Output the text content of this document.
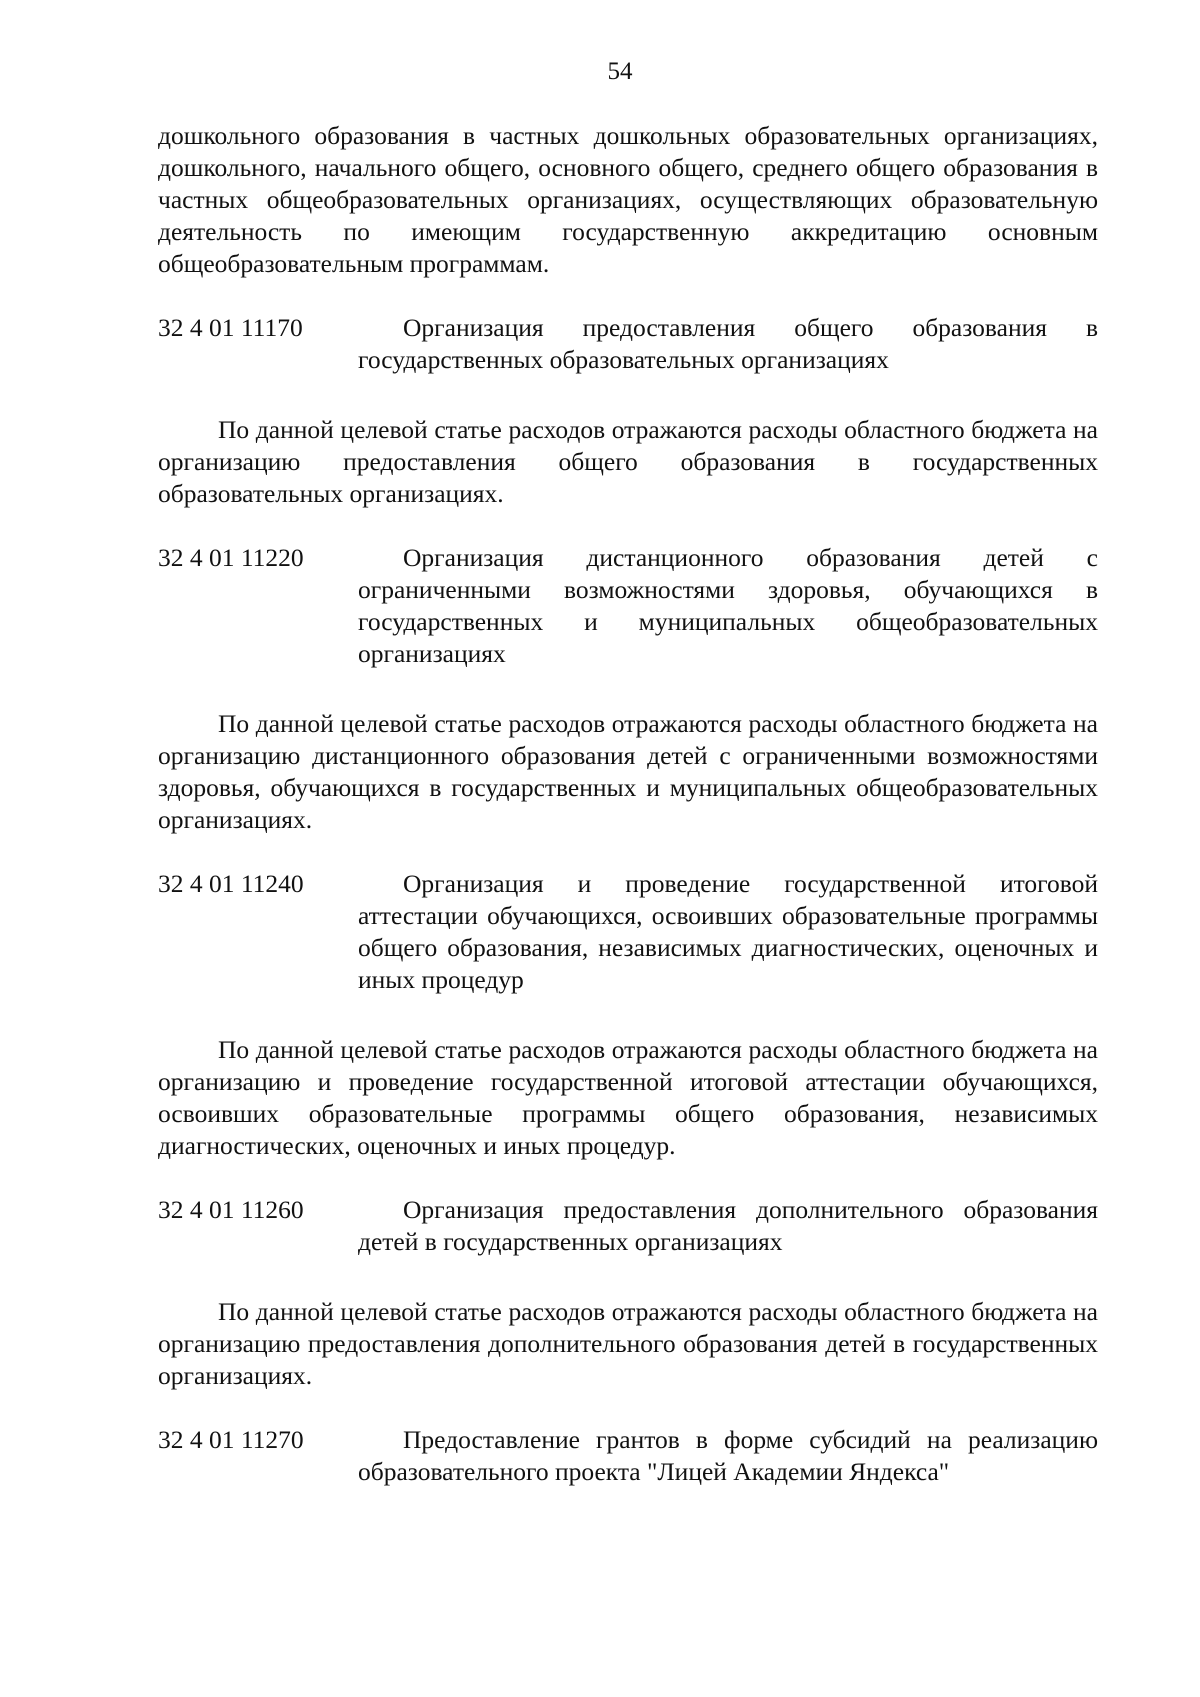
54

дошкольного образования в частных дошкольных образовательных организациях, дошкольного, начального общего, основного общего, среднего общего образования в частных общеобразовательных организациях, осуществляющих образовательную деятельность по имеющим государственную аккредитацию основным общеобразовательным программам.

32 4 01 11170	Организация предоставления общего образования в государственных образовательных организациях

По данной целевой статье расходов отражаются расходы областного бюджета на организацию предоставления общего образования в государственных образовательных организациях.

32 4 01 11220	Организация дистанционного образования детей с ограниченными возможностями здоровья, обучающихся в государственных и муниципальных общеобразовательных организациях

По данной целевой статье расходов отражаются расходы областного бюджета на организацию дистанционного образования детей с ограниченными возможностями здоровья, обучающихся в государственных и муниципальных общеобразовательных организациях.

32 4 01 11240	Организация и проведение государственной итоговой аттестации обучающихся, освоивших образовательные программы общего образования, независимых диагностических, оценочных и иных процедур

По данной целевой статье расходов отражаются расходы областного бюджета на организацию и проведение государственной итоговой аттестации обучающихся, освоивших образовательные программы общего образования, независимых диагностических, оценочных и иных процедур.

32 4 01 11260	Организация предоставления дополнительного образования детей в государственных организациях

По данной целевой статье расходов отражаются расходы областного бюджета на организацию предоставления дополнительного образования детей в государственных организациях.

32 4 01 11270	Предоставление грантов в форме субсидий на реализацию образовательного проекта "Лицей Академии Яндекса"
